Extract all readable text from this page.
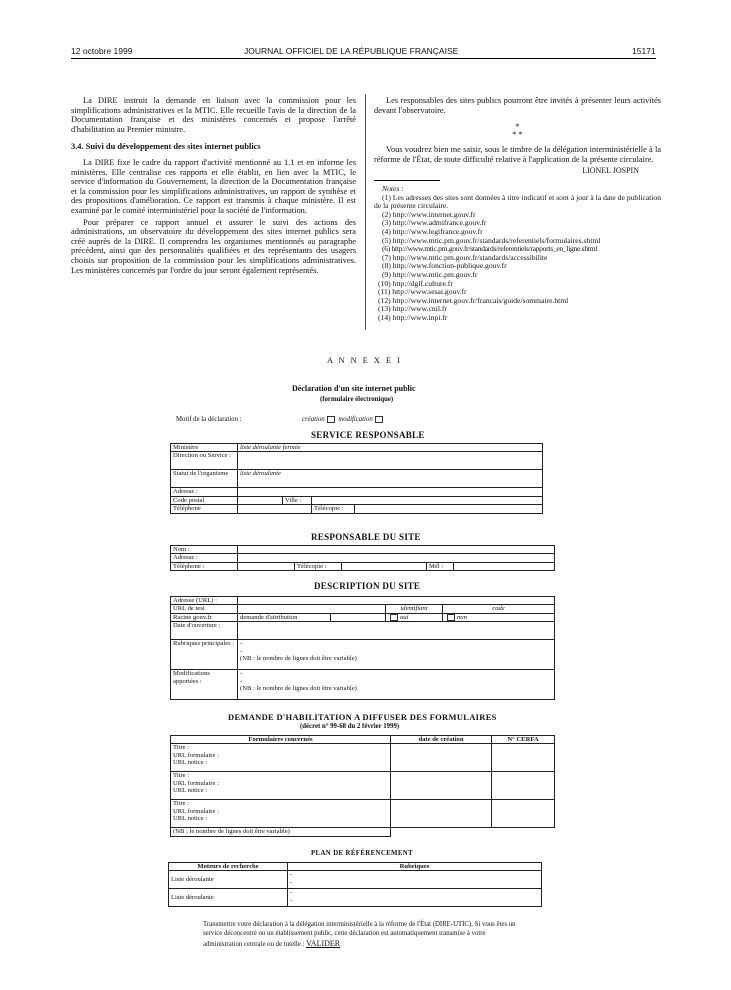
12 octobre 1999	JOURNAL OFFICIEL DE LA RÉPUBLIQUE FRANÇAISE	15171

La DIRE instruit la demande en liaison avec la commission pour les simplifications administratives et la MTIC. Elle recueille l'avis de la direction de la Documentation française et des ministères concernés et propose l'arrêté d'habilitation au Premier ministre.

3.4. Suivi du développement des sites internet publics

La DIRE fixe le cadre du rapport d'activité mentionné au 1.1 et en informe les ministères. Elle centralise ces rapports et elle établit, en lien avec la MTIC, le service d'information du Gouvernement, la direction de la Documentation française et la commission pour les simplifications administratives, un rapport de synthèse et des propositions d'amélioration. Ce rapport est transmis à chaque ministère. Il est examiné par le comité interministériel pour la société de l'information.

Pour préparer ce rapport annuel et assurer le suivi des actions des administrations, un observatoire du développement des sites internet publics sera créé auprès de la DIRE. Il comprendra les organismes mentionnés au paragraphe précédent, ainsi que des personnalités qualifiées et des représentants des usagers choisis sur proposition de la commission pour les simplifications administratives. Les ministères concernés par l'ordre du jour seront également représentés.

Les responsables des sites publics pourront être invités à présenter leurs activités devant l'observatoire.

*
* *

Vous voudrez bien me saisir, sous le timbre de la délégation interministérielle à la réforme de l'État, de toute difficulté relative à l'application de la présente circulaire.

LIONEL JOSPIN
Notes :
(1) Les adresses des sites sont données à titre indicatif et sont à jour à la date de publication de la présente circulaire.
(2) http://www.internet.gouv.fr
(3) http://www.admifrance.gouv.fr
(4) http://www.legifrance.gouv.fr
(5) http://www.mtic.pm.gouv.fr/standards/referentiels/formulaires.shtml
(6) http://www.mtic.pm.gouv.fr/standards/referentiels/rapports_en_ligne.shtml
(7) http://www.mtic.pm.gouv.fr/standards/accessibilite
(8) http://www.fonction-publique.gouv.fr
(9) http://www.mtic.pm.gouv.fr
(10) http://dglf.culture.fr
(11) http://www.sesai.gouv.fr
(12) http://www.internet.gouv.fr/francais/guide/sommaire.html
(13) http://www.cnil.fr
(14) http://www.inpi.fr
A N N E X E I
Déclaration d'un site internet public
(formulaire électronique)
Motif de la déclaration :	création modification
SERVICE RESPONSABLE
Ministère	liste déroulante fermée			
Direction ou Service :				
Statut de l'organisme	liste déroulante			
Adresse :				
Code postal		Ville :		
Téléphone			Télécopie :	
RESPONSABLE DU SITE
Nom :					
Adresse :					
Téléphone :		Télécopie :		Mél :	
DESCRIPTION DU SITE
Adresse (URL) :				
URL de test			identifiant	code
Racine gouv.fr	demande d'attribution		oui	non
Date d'ouverture :				
Rubriques principales :	-
-
(NB : le nombre de lignes doit être variable)			

Modifications apportées :	-
-
(NB : le nombre de lignes doit être variable)			
DEMANDE D'HABILITATION A DIFFUSER DES FORMULAIRES
(décret n° 99-68 du 2 février 1999)
Formulaires concernés	date de création	N° CERFA

Titre :
URL formulaire :
URL notice :		

Titre :
URL formulaire :
URL notice :		

Titre :
URL formulaire :
URL notice :		

(NB : le nombre de lignes doit être variable)		
PLAN DE RÉFÉRENCEMENT
Moteurs de recherche	Rubriques
Liste déroulante	-
-

Liste déroulante	-
-
Transmettre votre déclaration à la délégation interministérielle à la réforme de l'État (DIRE-UTIC). Si vous êtes un service déconcentré ou un établissement public, cette déclaration est automatiquement transmise à votre administration centrale ou de tutelle : VALIDER
